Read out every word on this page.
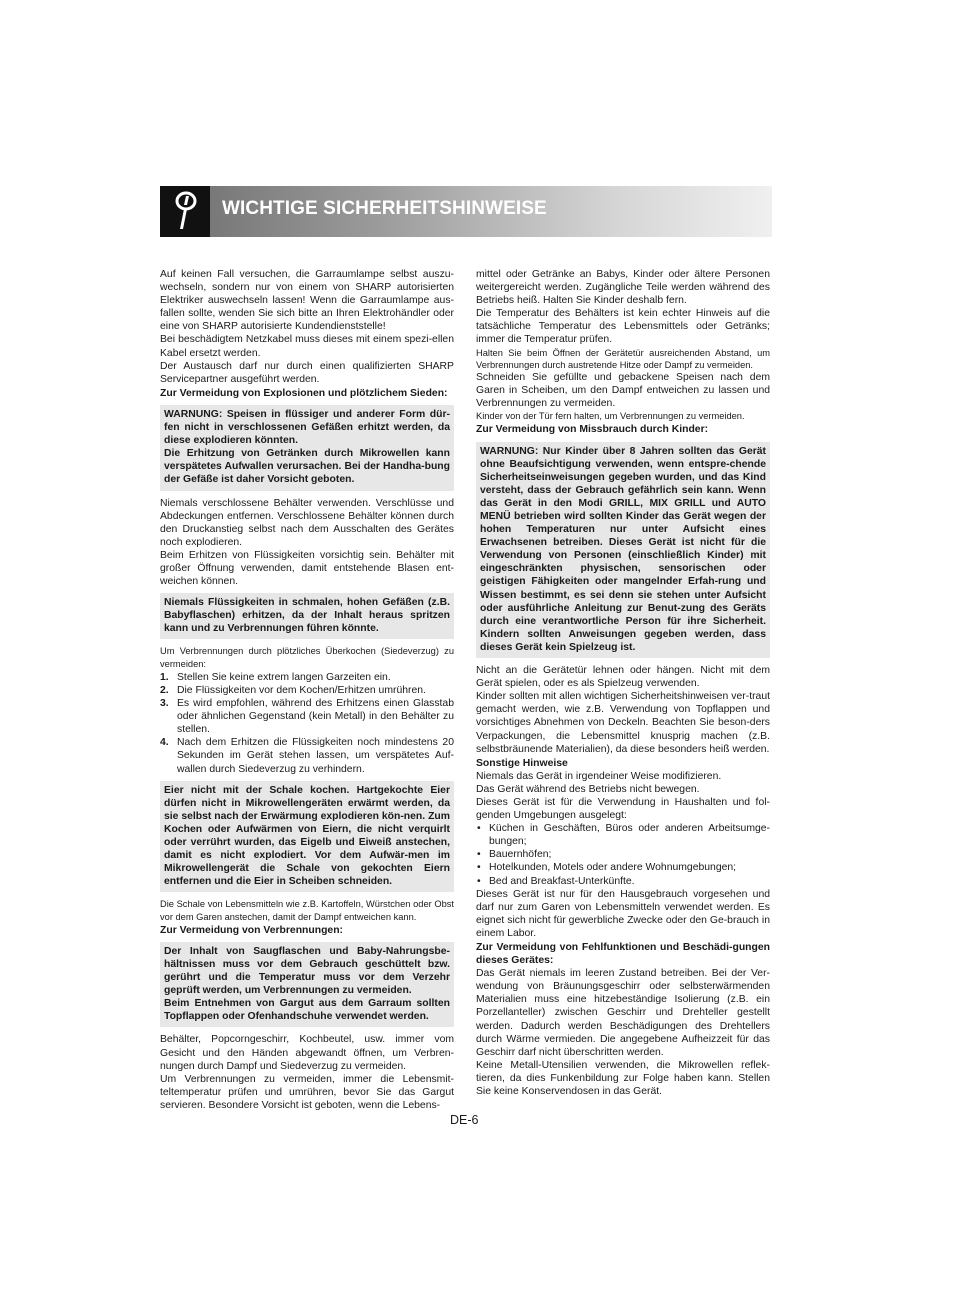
WICHTIGE SICHERHEITSHINWEISE

Auf keinen Fall versuchen, die Garraumlampe selbst auszu-wechseln, sondern nur von einem von SHARP autorisierten Elektriker auswechseln lassen! Wenn die Garraumlampe aus-fallen sollte, wenden Sie sich bitte an Ihren Elektrohändler oder eine von SHARP autorisierte Kundendienststelle!

Bei beschädigtem Netzkabel muss dieses mit einem spezi-ellen Kabel ersetzt werden.

Der Austausch darf nur durch einen qualifizierten SHARP Servicepartner ausgeführt werden.

Zur Vermeidung von Explosionen und plötzlichem Sieden:

WARNUNG: Speisen in flüssiger und anderer Form dür-fen nicht in verschlossenen Gefäßen erhitzt werden, da diese explodieren könnten.

Die Erhitzung von Getränken durch Mikrowellen kann verspätetes Aufwallen verursachen. Bei der Handha-bung der Gefäße ist daher Vorsicht geboten.

Niemals verschlossene Behälter verwenden. Verschlüsse und Abdeckungen entfernen. Verschlossene Behälter können durch den Druckanstieg selbst nach dem Ausschalten des Gerätes noch explodieren.

Beim Erhitzen von Flüssigkeiten vorsichtig sein. Behälter mit großer Öffnung verwenden, damit entstehende Blasen ent-weichen können.

Niemals Flüssigkeiten in schmalen, hohen Gefäßen (z.B. Babyflaschen) erhitzen, da der Inhalt heraus spritzen kann und zu Verbrennungen führen könnte.

Um Verbrennungen durch plötzliches Überkochen (Siedeverzug) zu vermeiden:

1. Stellen Sie keine extrem langen Garzeiten ein.
2. Die Flüssigkeiten vor dem Kochen/Erhitzen umrühren.
3. Es wird empfohlen, während des Erhitzens einen Glasstab oder ähnlichen Gegenstand (kein Metall) in den Behälter zu stellen.
4. Nach dem Erhitzen die Flüssigkeiten noch mindestens 20 Sekunden im Gerät stehen lassen, um verspätetes Auf-wallen durch Siedeverzug zu verhindern.

Eier nicht mit der Schale kochen. Hartgekochte Eier dürfen nicht in Mikrowellengeräten erwärmt werden, da sie selbst nach der Erwärmung explodieren kön-nen. Zum Kochen oder Aufwärmen von Eiern, die nicht verquirlt oder verrührt wurden, das Eigelb und Eiweiß anstechen, damit es nicht explodiert. Vor dem Aufwär-men im Mikrowellengerät die Schale von gekochten Eiern entfernen und die Eier in Scheiben schneiden.

Die Schale von Lebensmitteln wie z.B. Kartoffeln, Würstchen oder Obst vor dem Garen anstechen, damit der Dampf entweichen kann.

Zur Vermeidung von Verbrennungen:

Der Inhalt von Saugflaschen und Baby-Nahrungsbe-hältnissen muss vor dem Gebrauch geschüttelt bzw. gerührt und die Temperatur muss vor dem Verzehr geprüft werden, um Verbrennungen zu vermeiden.

Beim Entnehmen von Gargut aus dem Garraum sollten Topflappen oder Ofenhandschuhe verwendet werden.

Behälter, Popcorngeschirr, Kochbeutel, usw. immer vom Gesicht und den Händen abgewandt öffnen, um Verbren-nungen durch Dampf und Siedeverzug zu vermeiden.

Um Verbrennungen zu vermeiden, immer die Lebensmit-teltemperatur prüfen und umrühren, bevor Sie das Gargut servieren. Besondere Vorsicht ist geboten, wenn die Lebens-

mittel oder Getränke an Babys, Kinder oder ältere Personen weitergereicht werden. Zugängliche Teile werden während des Betriebs heiß. Halten Sie Kinder deshalb fern.

Die Temperatur des Behälters ist kein echter Hinweis auf die tatsächliche Temperatur des Lebensmittels oder Getränks; immer die Temperatur prüfen.

Halten Sie beim Öffnen der Gerätetür ausreichenden Abstand, um Verbrennungen durch austretende Hitze oder Dampf zu vermeiden.

Schneiden Sie gefüllte und gebackene Speisen nach dem Garen in Scheiben, um den Dampf entweichen zu lassen und Verbrennungen zu vermeiden.

Kinder von der Tür fern halten, um Verbrennungen zu vermeiden.

Zur Vermeidung von Missbrauch durch Kinder:

WARNUNG: Nur Kinder über 8 Jahren sollten das Gerät ohne Beaufsichtigung verwenden, wenn entspre-chende Sicherheitseinweisungen gegeben wurden, und das Kind versteht, dass der Gebrauch gefährlich sein kann. Wenn das Gerät in den Modi GRILL, MIX GRILL und AUTO MENÜ betrieben wird sollten Kinder das Gerät wegen der hohen Temperaturen nur unter Aufsicht eines Erwachsenen betreiben. Dieses Gerät ist nicht für die Verwendung von Personen (einschließlich Kinder) mit eingeschränkten physischen, sensorischen oder geistigen Fähigkeiten oder mangelnder Erfah-rung und Wissen bestimmt, es sei denn sie stehen unter Aufsicht oder ausführliche Anleitung zur Benut-zung des Geräts durch eine verantwortliche Person für ihre Sicherheit. Kindern sollten Anweisungen gegeben werden, dass dieses Gerät kein Spielzeug ist.

Nicht an die Gerätetür lehnen oder hängen. Nicht mit dem Gerät spielen, oder es als Spielzeug verwenden.

Kinder sollten mit allen wichtigen Sicherheitshinweisen ver-traut gemacht werden, wie z.B. Verwendung von Topflappen und vorsichtiges Abnehmen von Deckeln. Beachten Sie beson-ders Verpackungen, die Lebensmittel knusprig machen (z.B. selbstbräunende Materialien), da diese besonders heiß werden.

Sonstige Hinweise

Niemals das Gerät in irgendeiner Weise modifizieren.

Das Gerät während des Betriebs nicht bewegen.

Dieses Gerät ist für die Verwendung in Haushalten und fol-genden Umgebungen ausgelegt:

• Küchen in Geschäften, Büros oder anderen Arbeitsumge-bungen;
• Bauernhöfen;
• Hotelkunden, Motels oder andere Wohnumgebungen;
• Bed and Breakfast-Unterkünfte.

Dieses Gerät ist nur für den Hausgebrauch vorgesehen und darf nur zum Garen von Lebensmitteln verwendet werden. Es eignet sich nicht für gewerbliche Zwecke oder den Ge-brauch in einem Labor.

Zur Vermeidung von Fehlfunktionen und Beschädi-gungen dieses Gerätes:

Das Gerät niemals im leeren Zustand betreiben. Bei der Ver-wendung von Bräunungsgeschirr oder selbsterwärmenden Materialien muss eine hitzebeständige Isolierung (z.B. ein Porzellanteller) zwischen Geschirr und Drehteller gestellt werden. Dadurch werden Beschädigungen des Drehtellers durch Wärme vermieden. Die angegebene Aufheizzeit für das Geschirr darf nicht überschritten werden.

Keine Metall-Utensilien verwenden, die Mikrowellen reflek-tieren, da dies Funkenbildung zur Folge haben kann. Stellen Sie keine Konservendosen in das Gerät.

DE-6
